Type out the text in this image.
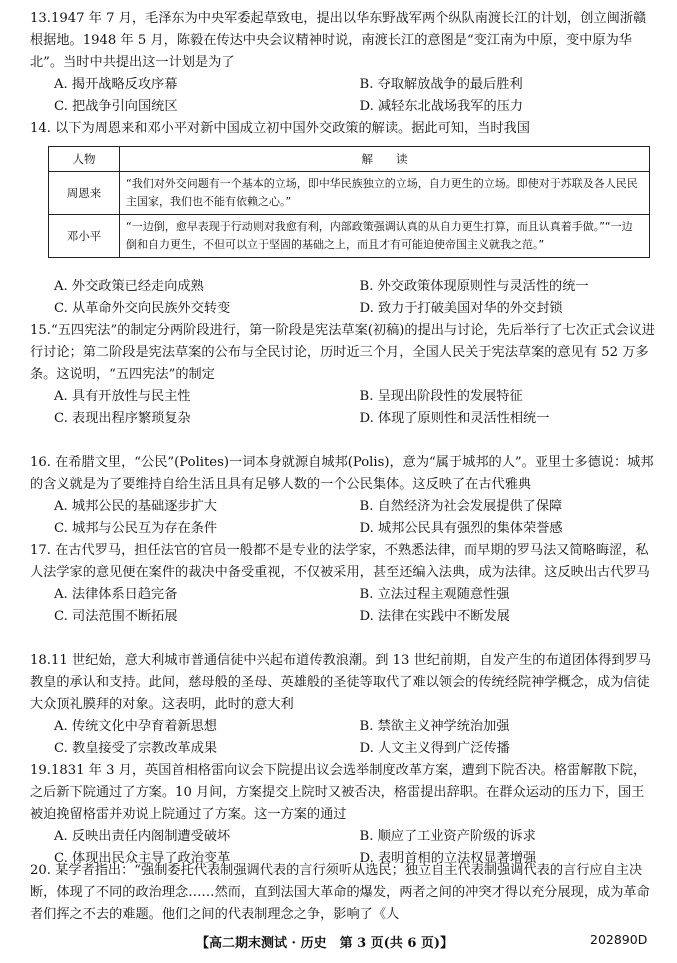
13.1947 年 7 月，毛泽东为中央军委起草致电，提出以华东野战军两个纵队南渡长江的计划，创立闽浙赣根据地。1948 年 5 月，陈毅在传达中央会议精神时说，南渡长江的意图是“变江南为中原，变中原为华北”。当时中共提出这一计划是为了
A. 揭开战略反攻序幕	B. 夺取解放战争的最后胜利
C. 把战争引向国统区	D. 减轻东北战场我军的压力
14. 以下为周恩来和邓小平对新中国成立初中国外交政策的解读。据此可知，当时我国
人物	解　　读
周恩来	“我们对外交问题有一个基本的立场，即中华民族独立的立场，自力更生的立场。即使对于苏联及各人民民主国家，我们也不能有依赖之心。”
邓小平	“一边倒，愈早表现于行动则对我愈有利，内部政策强调认真的从自力更生打算，而且认真着手做。”“一边倒和自力更生，不但可以立于坚固的基础之上，而且才有可能迫使帝国主义就我之范。”
A. 外交政策已经走向成熟	B. 外交政策体现原则性与灵活性的统一
C. 从革命外交向民族外交转变	D. 致力于打破美国对华的外交封锁
15.“五四宪法”的制定分两阶段进行，第一阶段是宪法草案(初稿)的提出与讨论，先后举行了七次正式会议进行讨论；第二阶段是宪法草案的公布与全民讨论，历时近三个月，全国人民关于宪法草案的意见有 52 万多条。这说明，“五四宪法”的制定
A. 具有开放性与民主性	B. 呈现出阶段性的发展特征
C. 表现出程序繁琐复杂	D. 体现了原则性和灵活性相统一
16. 在希腊文里，“公民”(Polites)一词本身就源自城邦(Polis)，意为“属于城邦的人”。亚里士多德说：城邦的含义就是为了要维持自给生活且具有足够人数的一个公民集体。这反映了在古代雅典
A. 城邦公民的基础逐步扩大	B. 自然经济为社会发展提供了保障
C. 城邦与公民互为存在条件	D. 城邦公民具有强烈的集体荣誉感
17. 在古代罗马，担任法官的官员一般都不是专业的法学家，不熟悉法律，而早期的罗马法又简略晦涩，私人法学家的意见便在案件的裁决中备受重视，不仅被采用，甚至还编入法典，成为法律。这反映出古代罗马
A. 法律体系日趋完备	B. 立法过程主观随意性强
C. 司法范围不断拓展	D. 法律在实践中不断发展
18.11 世纪始，意大利城市普通信徒中兴起布道传教浪潮。到 13 世纪前期，自发产生的布道团体得到罗马教皇的承认和支持。此间，慈母般的圣母、英雄般的圣徒等取代了难以领会的传统经院神学概念，成为信徒大众顶礼膜拜的对象。这表明，此时的意大利
A. 传统文化中孕育着新思想	B. 禁欲主义神学统治加强
C. 教皇接受了宗教改革成果	D. 人文主义得到广泛传播
19.1831 年 3 月，英国首相格雷向议会下院提出议会选举制度改革方案，遭到下院否决。格雷解散下院，之后新下院通过了方案。10 月间，方案提交上院时又被否决，格雷提出辞职。在群众运动的压力下，国王被迫挽留格雷并劝说上院通过了方案。这一方案的通过
A. 反映出责任内阁制遭受破坏	B. 顺应了工业资产阶级的诉求
C. 体现出民众主导了政治变革	D. 表明首相的立法权显著增强
20. 某学者指出：“强制委托代表制强调代表的言行须听从选民；独立自主代表制强调代表的言行应自主决断，体现了不同的政治理念……然而，直到法国大革命的爆发，两者之间的冲突才得以充分展现，成为革命者们挥之不去的难题。他们之间的代表制理念之争，影响了《人
【高二期末测试 · 历史　第 3 页(共 6 页)】	202890D
